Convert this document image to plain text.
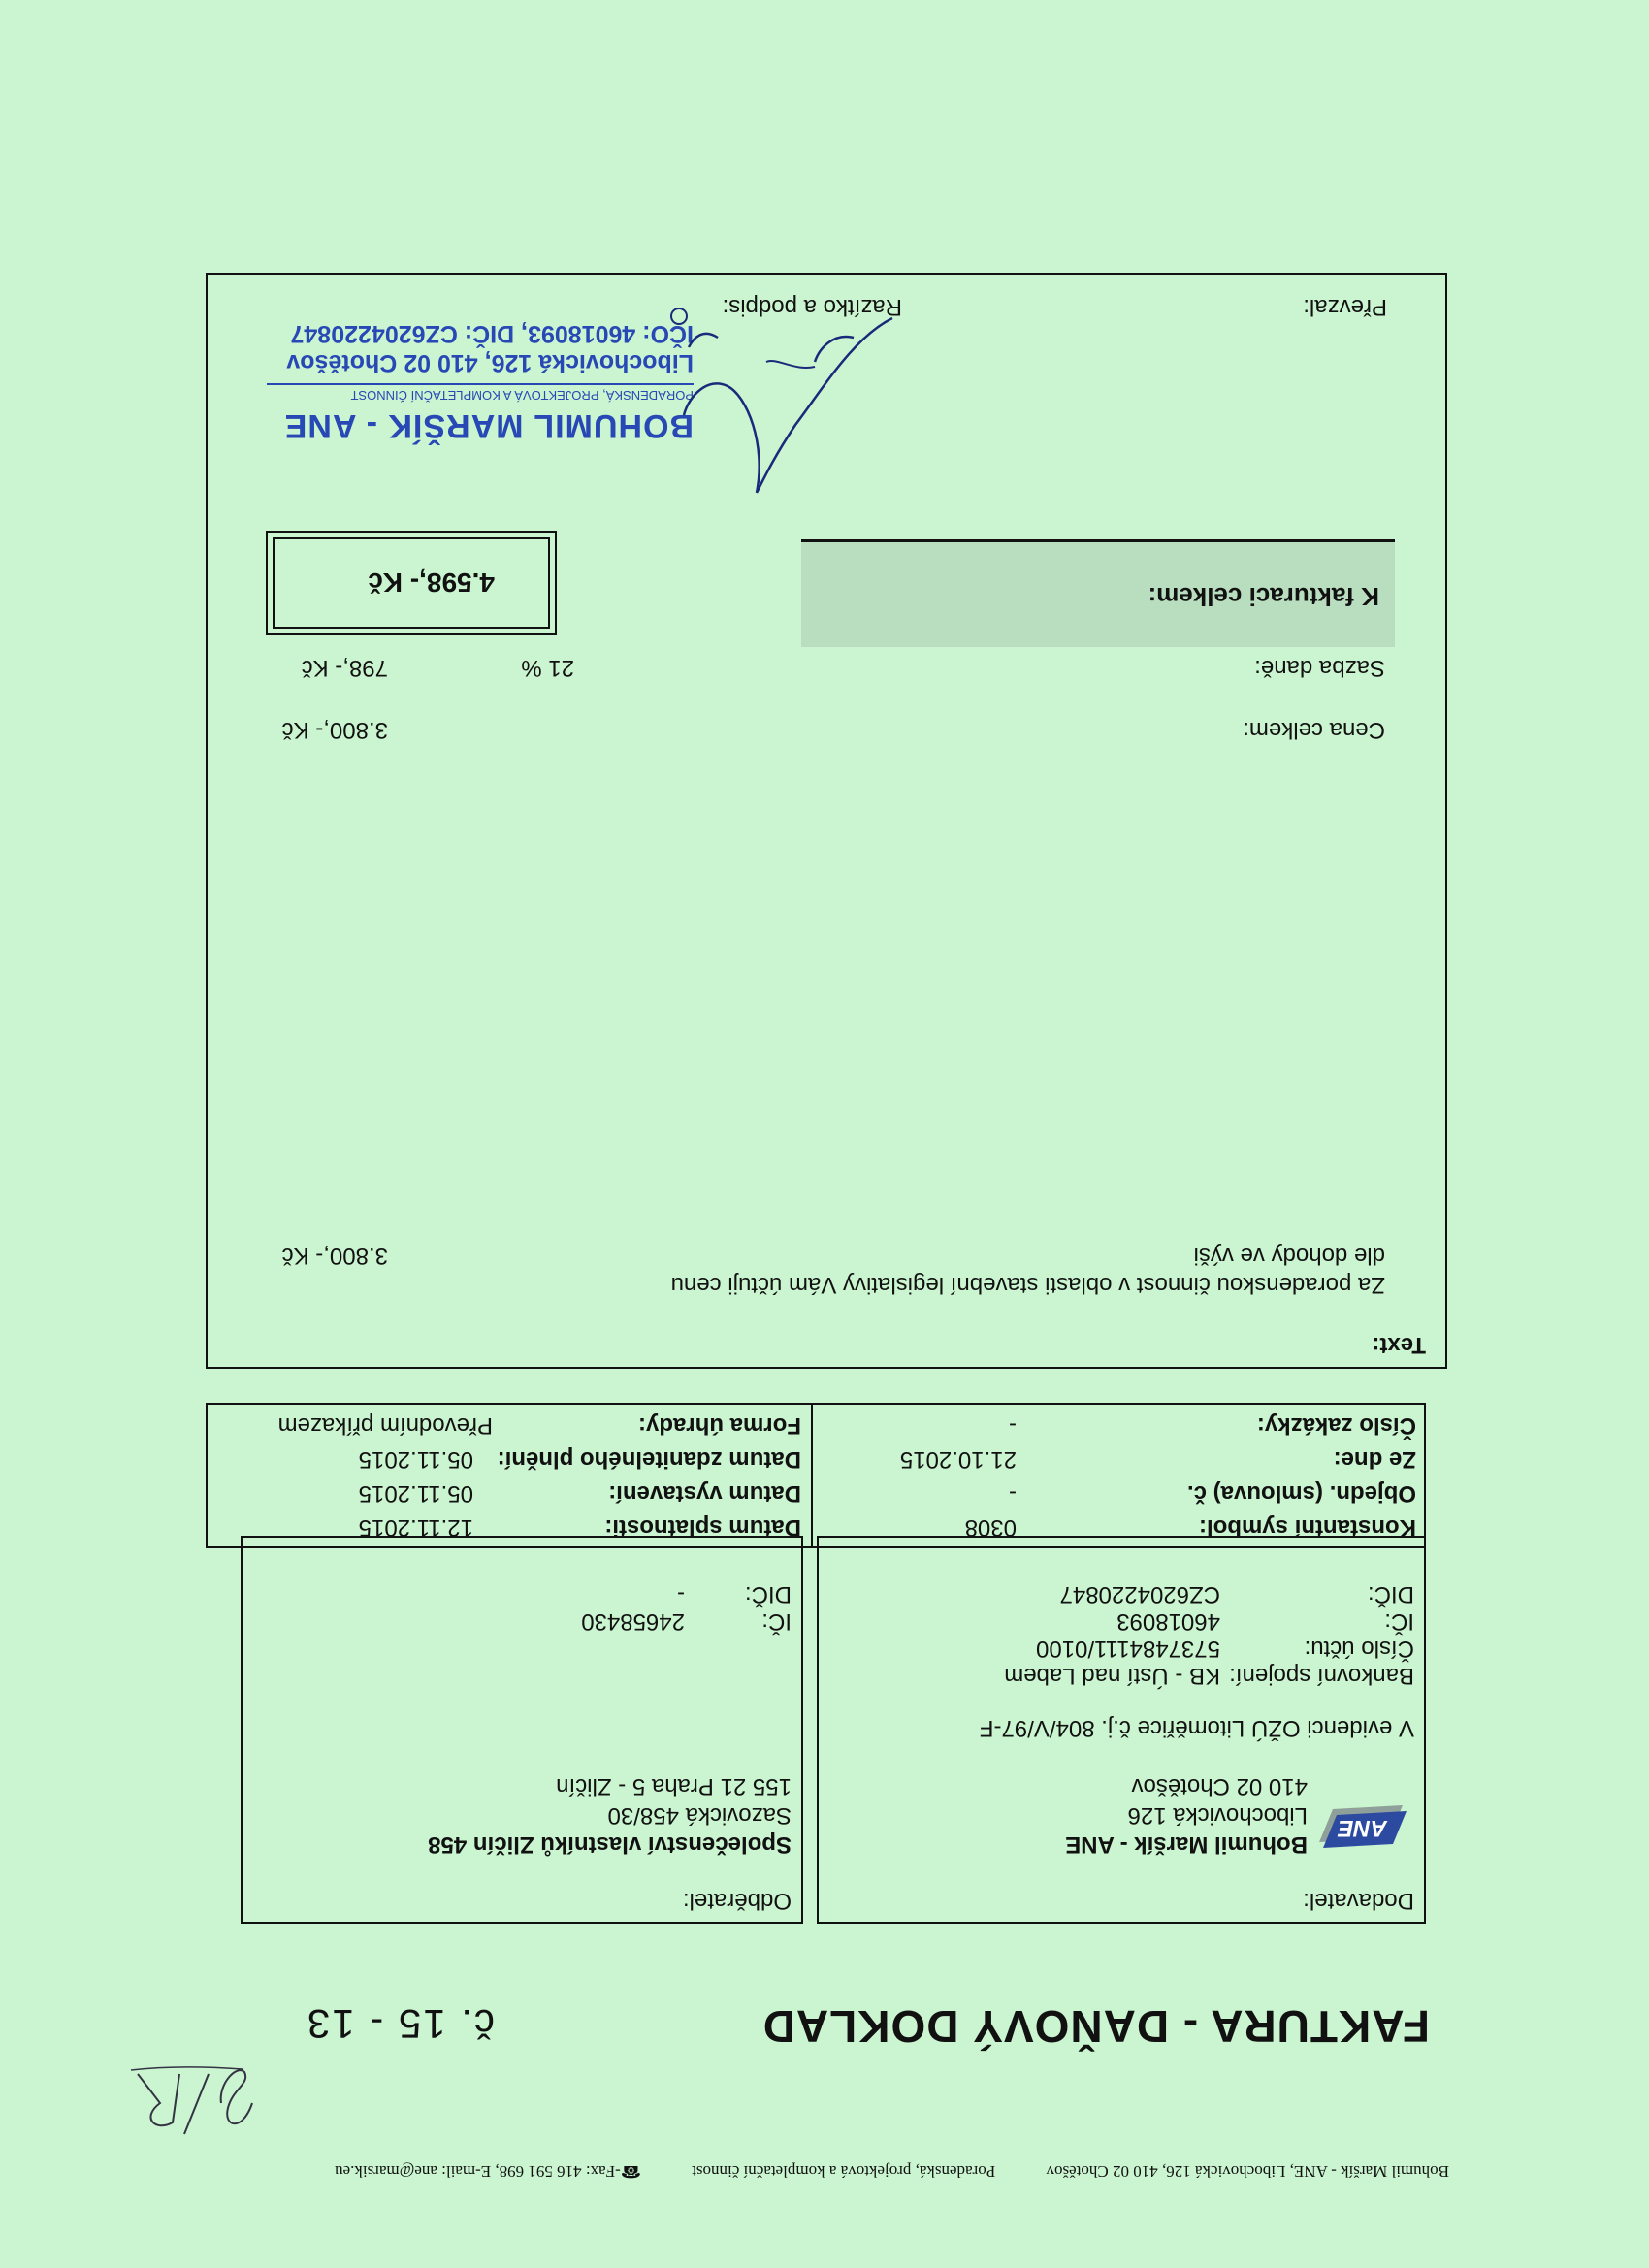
Bohumil Maršík - ANE, Libochovická 126, 410 02 Chotěšov Poradenská, projektová a kompletační činnost ☎-Fax: 416 591 698, E-mail: ane@marsik.eu
FAKTURA - DAŇOVÝ DOKLAD
č. 15 - 13
Dodavatel:
ANE
Bohumil Maršík - ANE
Libochovická 126
410 02 Chotěšov
V evidenci OŽÚ Litoměřice č.j. 804/V/97-F
Bankovní spojení:
KB - Ústí nad Labem
Číslo účtu:
5737484111/0100
IČ:
46018093
DIČ:
CZ6204220847
Odběratel:
Společenství vlastníků Zličín 458
Sazovická 458/30
155 21 Praha 5 - Zličín
IČ:
24658430
DIČ:
-
Konstantní symbol:
0308
Objedn. (smlouva) č.
-
Ze dne:
21.10.2015
Číslo zakázky:
-
Datum splatnosti:
12.11.2015
Datum vystavení:
05.11.2015
Datum zdanitelného plnění:
05.11.2015
Forma úhrady:
Převodním příkazem
Text:
Za poradenskou činnost v oblasti stavební legislativy Vám účtuji cenu
dle dohody ve výši
3.800,- Kč
Cena celkem:
3.800,- Kč
Sazba daně:
21 %
798,- Kč
K fakturaci celkem:
4.598,- Kč
Převzal:
Razítko a podpis:
BOHUMIL MARŠÍK - ANE
PORADENSKÁ, PROJEKTOVÁ A KOMPLETAČNÍ ČINNOST
Libochovická 126, 410 02 Chotěšov
IČO: 46018093, DIČ: CZ6204220847
